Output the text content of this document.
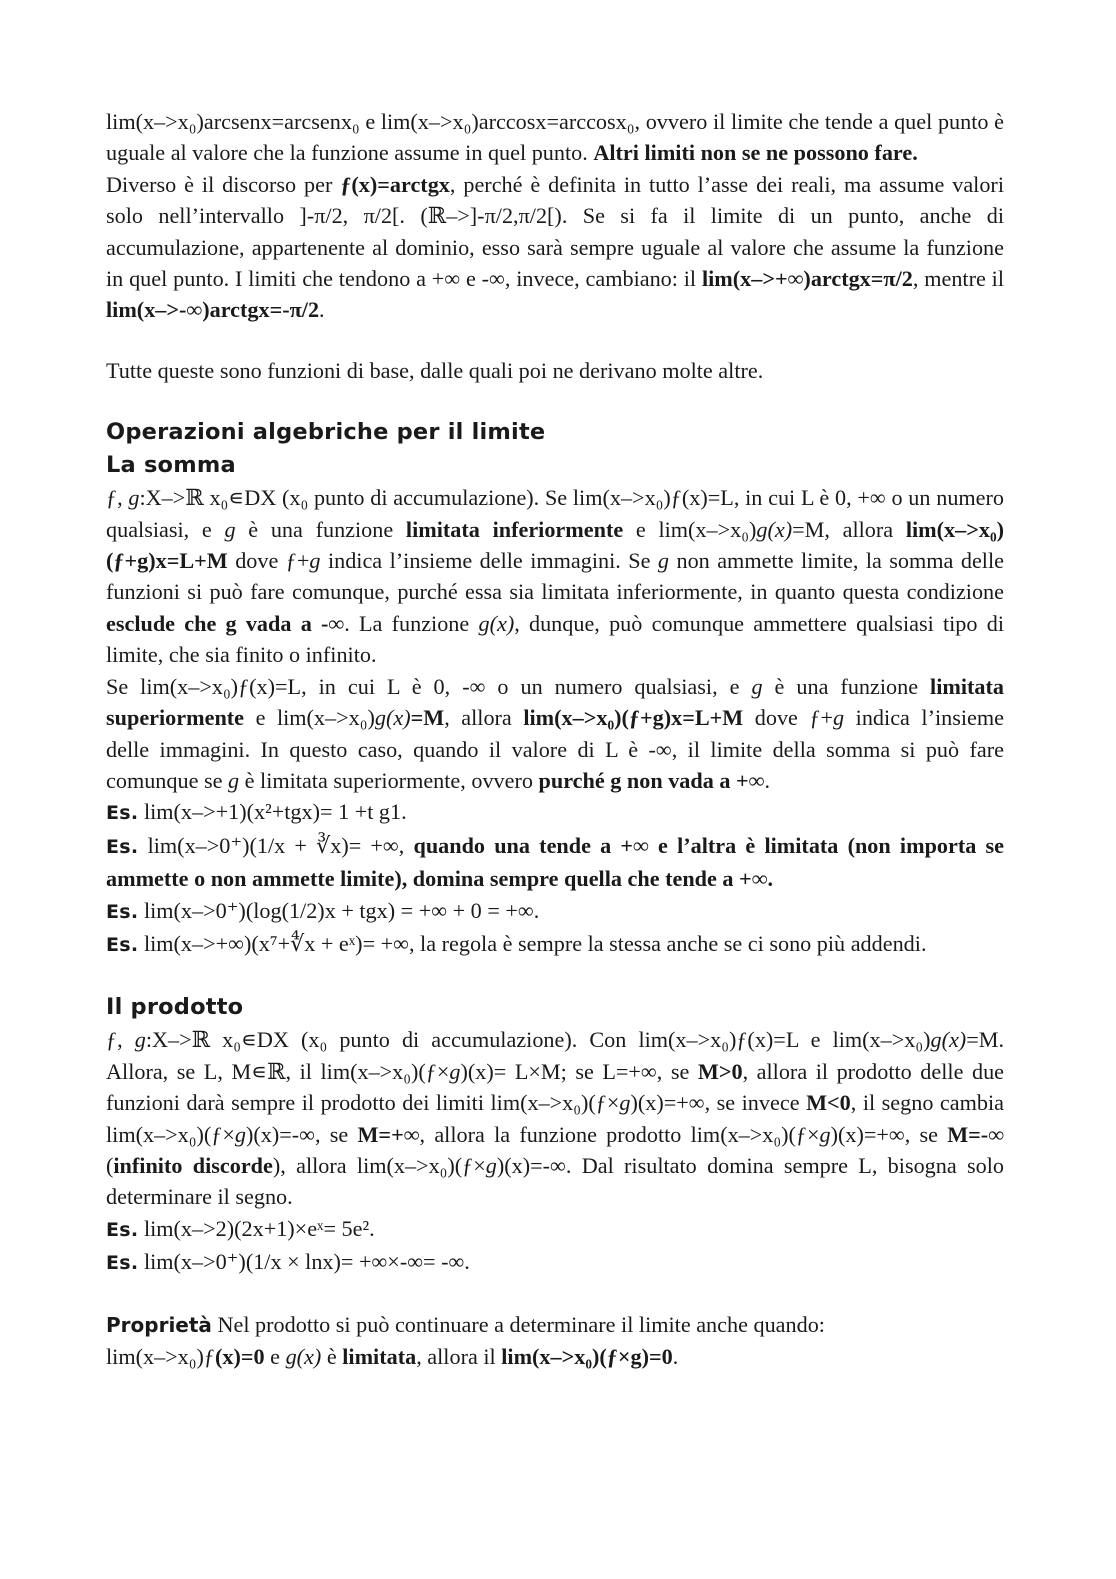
lim(x–>x₀)arcsenx=arcsenx₀ e lim(x–>x₀)arccosx=arccosx₀, ovvero il limite che tende a quel punto è uguale al valore che la funzione assume in quel punto. Altri limiti non se ne possono fare.

Diverso è il discorso per ƒ(x)=arctgx, perché è definita in tutto l’asse dei reali, ma assume valori solo nell’intervallo ]-π/2, π/2[. (ℝ–>]-π/2,π/2[). Se si fa il limite di un punto, anche di accumulazione, appartenente al dominio, esso sarà sempre uguale al valore che assume la funzione in quel punto. I limiti che tendono a +∞ e -∞, invece, cambiano: il lim(x–>+∞)arctgx=π/2, mentre il lim(x–>-∞)arctgx=-π/2.

Tutte queste sono funzioni di base, dalle quali poi ne derivano molte altre.

Operazioni algebriche per il limite
La somma

ƒ, g:X–>ℝ x₀∊DX (x₀ punto di accumulazione). Se lim(x–>x₀)ƒ(x)=L, in cui L è 0, +∞ o un numero qualsiasi, e g è una funzione limitata inferiormente e lim(x–>x₀)g(x)=M, allora lim(x–>x₀)(ƒ+g)x=L+M dove ƒ+g indica l’insieme delle immagini. Se g non ammette limite, la somma delle funzioni si può fare comunque, purché essa sia limitata inferiormente, in quanto questa condizione esclude che g vada a -∞. La funzione g(x), dunque, può comunque ammettere qualsiasi tipo di limite, che sia finito o infinito.

Se lim(x–>x₀)ƒ(x)=L, in cui L è 0, -∞ o un numero qualsiasi, e g è una funzione limitata superiormente e lim(x–>x₀)g(x)=M, allora lim(x–>x₀)(ƒ+g)x=L+M dove ƒ+g indica l’insieme delle immagini. In questo caso, quando il valore di L è -∞, il limite della somma si può fare comunque se g è limitata superiormente, ovvero purché g non vada a +∞.

Es. lim(x–>+1)(x²+tgx)= 1 +t g1.

Es. lim(x–>0⁺)(1/x + ∛x)= +∞, quando una tende a +∞ e l’altra è limitata (non importa se ammette o non ammette limite), domina sempre quella che tende a +∞.

Es. lim(x–>0⁺)(log(1/2)x + tgx) = +∞ + 0 = +∞.

Es. lim(x–>+∞)(x⁷+∜x + eˣ)= +∞, la regola è sempre la stessa anche se ci sono più addendi.

Il prodotto

ƒ, g:X–>ℝ x₀∊DX (x₀ punto di accumulazione). Con lim(x–>x₀)ƒ(x)=L e lim(x–>x₀)g(x)=M. Allora, se L, M∊ℝ, il lim(x–>x₀)(ƒ×g)(x)= L×M; se L=+∞, se M>0, allora il prodotto delle due funzioni darà sempre il prodotto dei limiti lim(x–>x₀)(ƒ×g)(x)=+∞, se invece M<0, il segno cambia lim(x–>x₀)(ƒ×g)(x)=-∞, se M=+∞, allora la funzione prodotto lim(x–>x₀)(ƒ×g)(x)=+∞, se M=-∞ (infinito discorde), allora lim(x–>x₀)(ƒ×g)(x)=-∞. Dal risultato domina sempre L, bisogna solo determinare il segno.

Es. lim(x–>2)(2x+1)×eˣ= 5e².

Es. lim(x–>0⁺)(1/x × lnx)= +∞×-∞= -∞.

Proprietà Nel prodotto si può continuare a determinare il limite anche quando:

lim(x–>x₀)ƒ(x)=0 e g(x) è limitata, allora il lim(x–>x₀)(ƒ×g)=0.
